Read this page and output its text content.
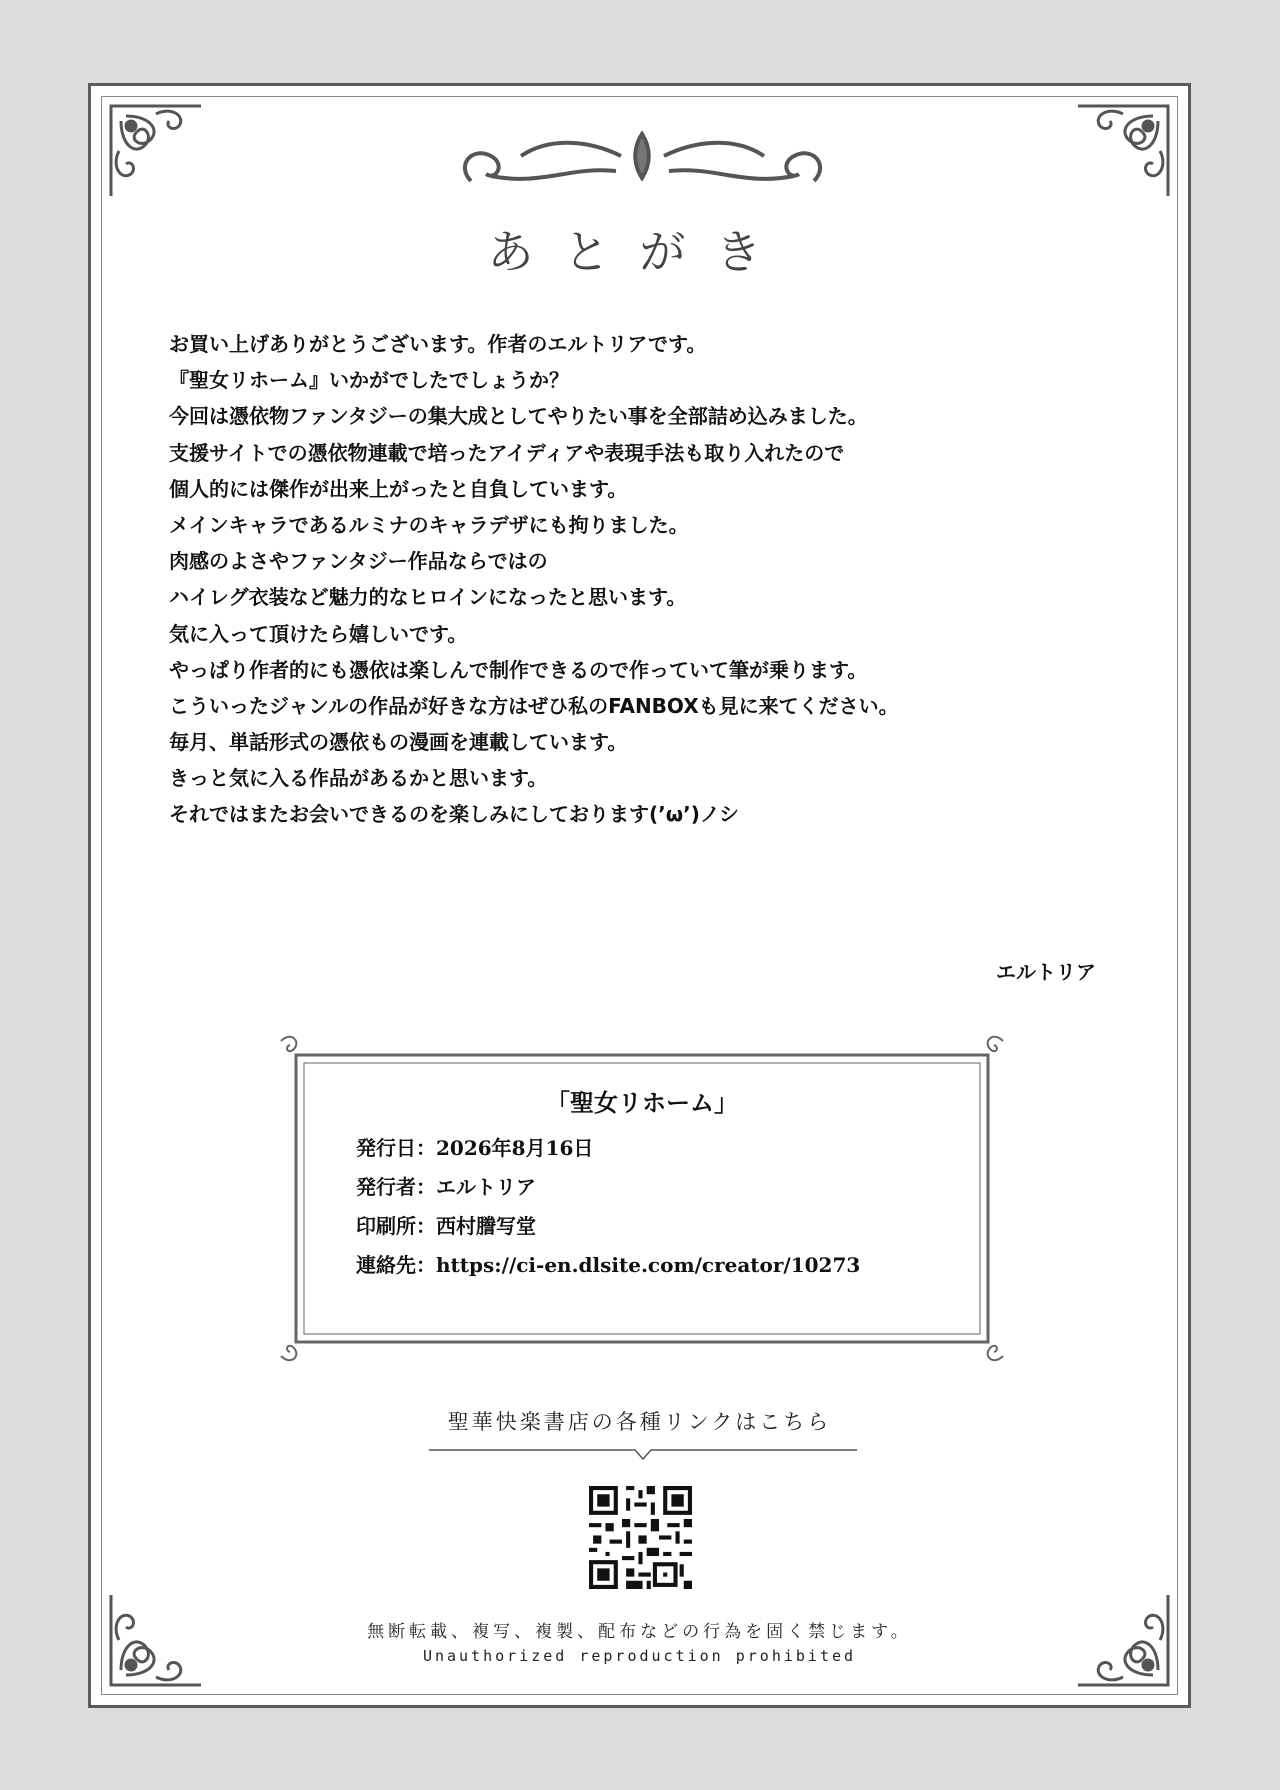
あとがき

お買い上げありがとうございます。作者のエルトリアです。

『聖女リホーム』いかがでしたでしょうか？

今回は憑依物ファンタジーの集大成としてやりたい事を全部詰め込みました。

支援サイトでの憑依物連載で培ったアイディアや表現手法も取り入れたので

個人的には傑作が出来上がったと自負しています。

メインキャラであるルミナのキャラデザにも拘りました。

肉感のよさやファンタジー作品ならではの

ハイレグ衣装など魅力的なヒロインになったと思います。

気に入って頂けたら嬉しいです。

やっぱり作者的にも憑依は楽しんで制作できるので作っていて筆が乗ります。

こういったジャンルの作品が好きな方はぜひ私のFANBOXも見に来てください。

毎月、単話形式の憑依もの漫画を連載しています。

きっと気に入る作品があるかと思います。

それではまたお会いできるのを楽しみにしております(’ω’)ノシ

エルトリア
「聖女リホーム」
発行日：2026年8月16日
発行者：エルトリア
印刷所：西村謄写堂
連絡先：https://ci-en.dlsite.com/creator/10273
聖華快楽書店の各種リンクはこちら
無断転載、複写、複製、配布などの行為を固く禁じます。
Unauthorized reproduction prohibited
